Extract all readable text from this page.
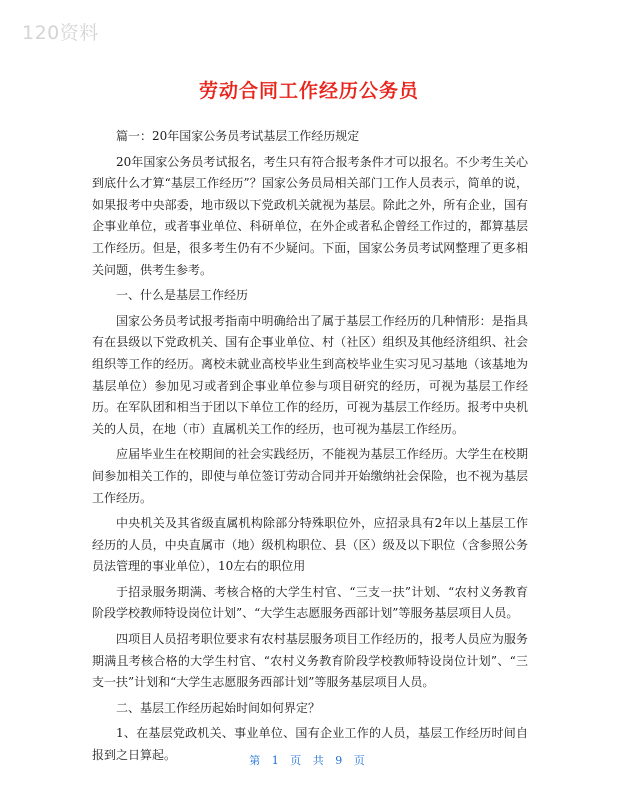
120资料
劳动合同工作经历公务员

篇一：20年国家公务员考试基层工作经历规定

20年国家公务员考试报名，考生只有符合报考条件才可以报名。不少考生关心到底什么才算“基层工作经历”？国家公务员局相关部门工作人员表示，简单的说，如果报考中央部委，地市级以下党政机关就视为基层。除此之外，所有企业，国有企事业单位，或者事业单位、科研单位，在外企或者私企曾经工作过的，都算基层工作经历。但是，很多考生仍有不少疑问。下面，国家公务员考试网整理了更多相关问题，供考生参考。

一、什么是基层工作经历

国家公务员考试报考指南中明确给出了属于基层工作经历的几种情形：是指具有在县级以下党政机关、国有企事业单位、村（社区）组织及其他经济组织、社会组织等工作的经历。离校未就业高校毕业生到高校毕业生实习见习基地（该基地为基层单位）参加见习或者到企事业单位参与项目研究的经历，可视为基层工作经历。在军队团和相当于团以下单位工作的经历，可视为基层工作经历。报考中央机关的人员，在地（市）直属机关工作的经历，也可视为基层工作经历。

应届毕业生在校期间的社会实践经历，不能视为基层工作经历。大学生在校期间参加相关工作的，即使与单位签订劳动合同并开始缴纳社会保险，也不视为基层工作经历。

中央机关及其省级直属机构除部分特殊职位外，应招录具有2年以上基层工作经历的人员，中央直属市（地）级机构职位、县（区）级及以下职位（含参照公务员法管理的事业单位），10左右的职位用

于招录服务期满、考核合格的大学生村官、“三支一扶”计划、“农村义务教育阶段学校教师特设岗位计划”、“大学生志愿服务西部计划”等服务基层项目人员。

四项目人员招考职位要求有农村基层服务项目工作经历的，报考人员应为服务期满且考核合格的大学生村官、“农村义务教育阶段学校教师特设岗位计划”、“三支一扶”计划和“大学生志愿服务西部计划”等服务基层项目人员。

二、基层工作经历起始时间如何界定？

1、在基层党政机关、事业单位、国有企业工作的人员，基层工作经历时间自报到之日算起。	第 1 页 共 9 页
